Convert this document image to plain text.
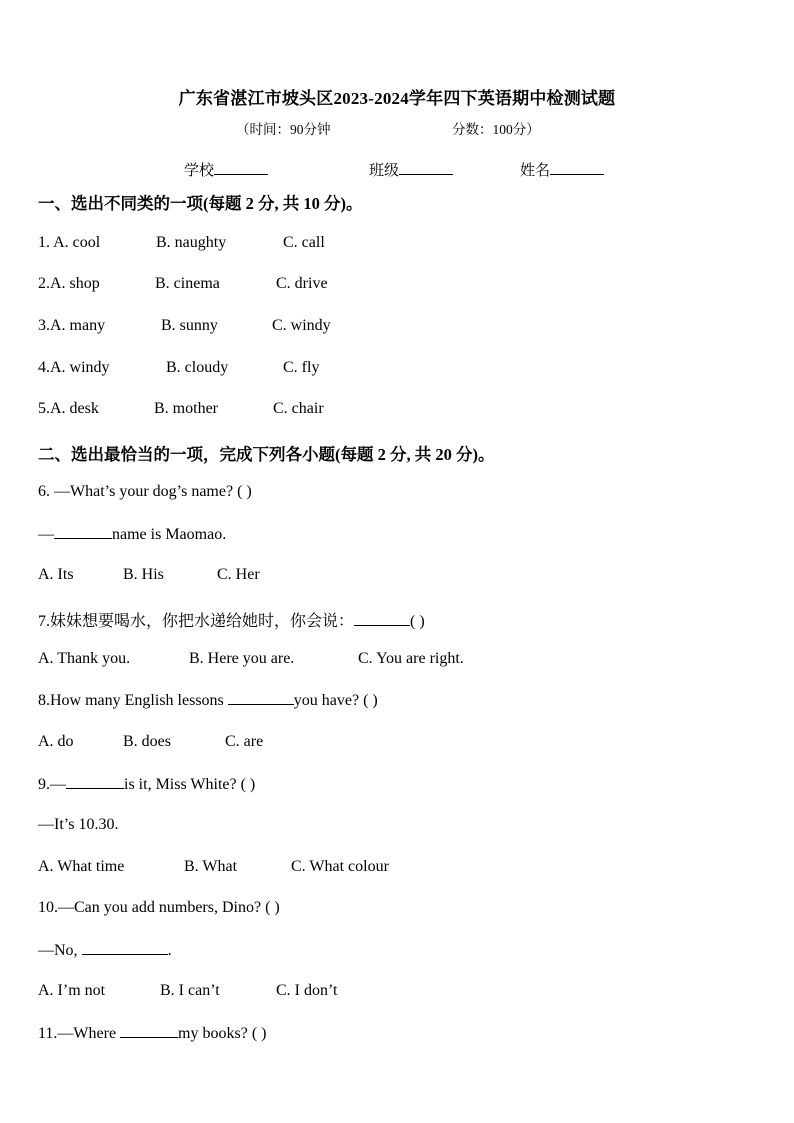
广东省湛江市坡头区2023-2024学年四下英语期中检测试题
（时间：90分钟	分数：100分）
学校	班级	姓名
一、选出不同类的一项(每题 2 分, 共 10 分)。
1. A. cool	B. naughty	C. call
2.A. shop	B. cinema	C. drive
3.A. many	B. sunny	C. windy
4.A. windy	B. cloudy	C. fly
5.A. desk	B. mother	C. chair
二、选出最恰当的一项，完成下列各小题(每题 2 分, 共 20 分)。
6. —What’s your dog’s name? ( )
—	name is Maomao.
A. Its	B. His	C. Her
7.妹妹想要喝水，你把水递给她时，你会说：	( )
A. Thank you.	B. Here you are.	C. You are right.
8.How many English lessons	you have? ( )
A. do	B. does	C. are
9.—	is it, Miss White? ( )
—It’s 10.30.
A. What time	B. What	C. What colour
10.—Can you add numbers, Dino? ( )
—No,	.
A. I’m not	B. I can’t	C. I don’t
11.—Where	my books? ( )
